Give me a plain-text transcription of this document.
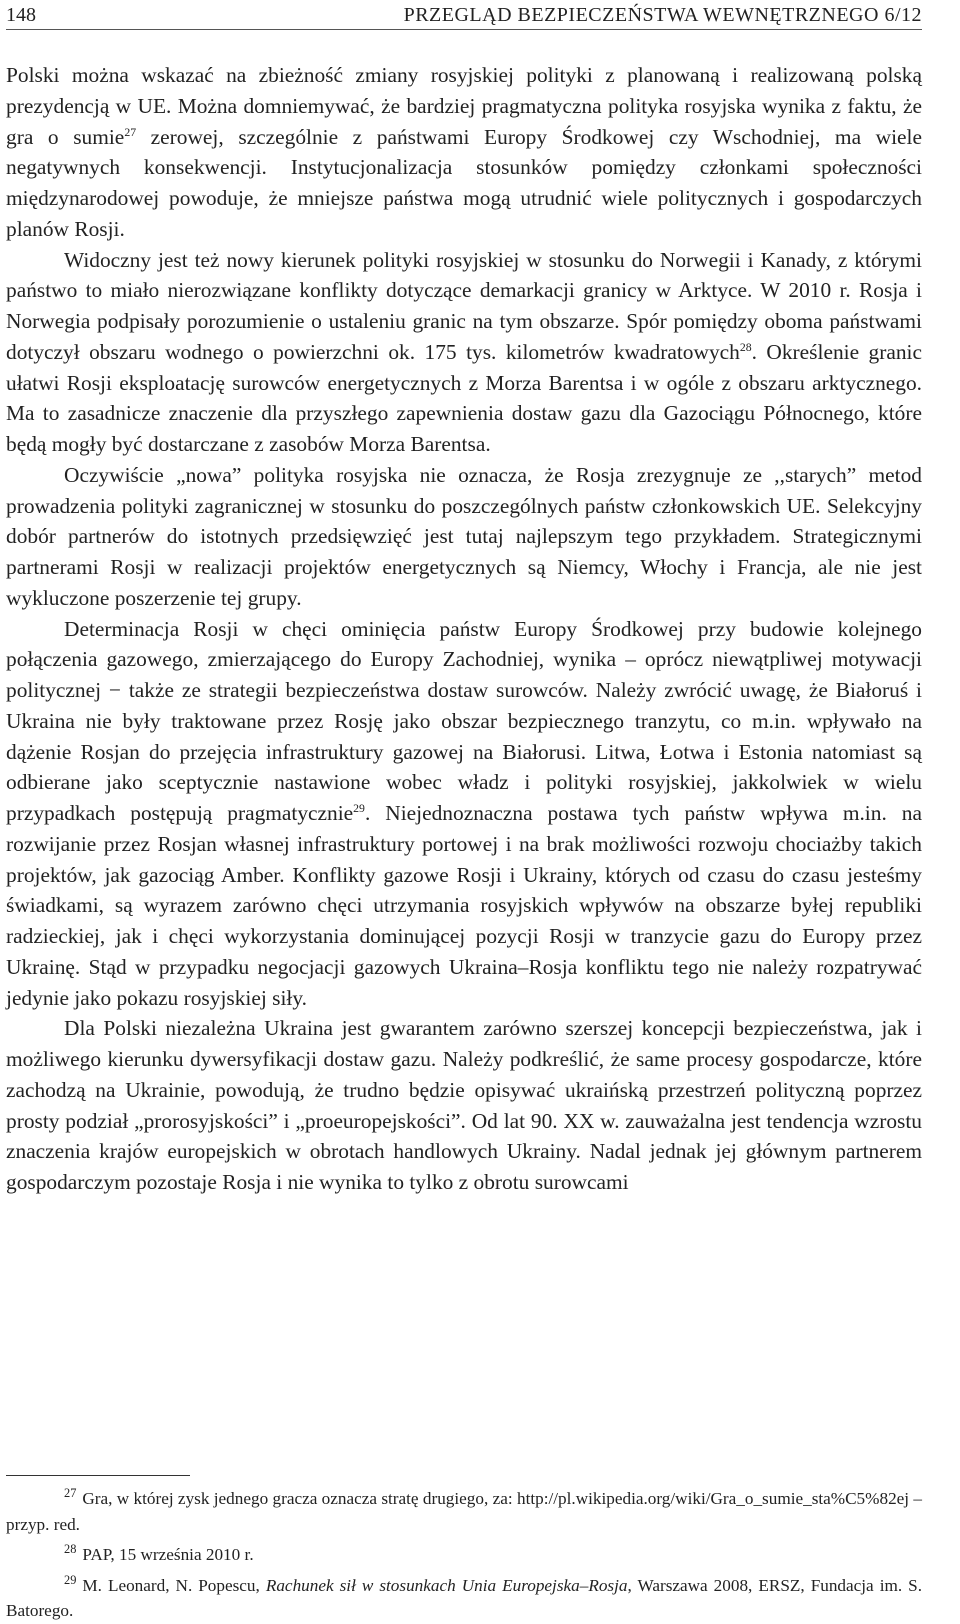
148	PRZEGLĄD BEZPIECZEŃSTWA WEWNĘTRZNEGO 6/12

Polski można wskazać na zbieżność zmiany rosyjskiej polityki z planowaną i realizowaną polską prezydencją w UE. Można domniemywać, że bardziej pragmatyczna polityka rosyjska wynika z faktu, że gra o sumie$^{27}$ zerowej, szczególnie z państwami Europy Środkowej czy Wschodniej, ma wiele negatywnych konsekwencji. Instytucjonalizacja stosunków pomiędzy członkami społeczności międzynarodowej powoduje, że mniejsze państwa mogą utrudnić wiele politycznych i gospodarczych planów Rosji.

Widoczny jest też nowy kierunek polityki rosyjskiej w stosunku do Norwegii i Kanady, z którymi państwo to miało nierozwiązane konflikty dotyczące demarkacji granicy w Arktyce. W 2010 r. Rosja i Norwegia podpisały porozumienie o ustaleniu granic na tym obszarze. Spór pomiędzy oboma państwami dotyczył obszaru wodnego o powierzchni ok. 175 tys. kilometrów kwadratowych$^{28}$. Określenie granic ułatwi Rosji eksploatację surowców energetycznych z Morza Barentsa i w ogóle z obszaru arktycznego. Ma to zasadnicze znaczenie dla przyszłego zapewnienia dostaw gazu dla Gazociągu Północnego, które będą mogły być dostarczane z zasobów Morza Barentsa.

Oczywiście „nowa” polityka rosyjska nie oznacza, że Rosja zrezygnuje ze ,,starych” metod prowadzenia polityki zagranicznej w stosunku do poszczególnych państw członkowskich UE. Selekcyjny dobór partnerów do istotnych przedsięwzięć jest tutaj najlepszym tego przykładem. Strategicznymi partnerami Rosji w realizacji projektów energetycznych są Niemcy, Włochy i Francja, ale nie jest wykluczone poszerzenie tej grupy.

Determinacja Rosji w chęci ominięcia państw Europy Środkowej przy budowie kolejnego połączenia gazowego, zmierzającego do Europy Zachodniej, wynika – oprócz niewątpliwej motywacji politycznej − także ze strategii bezpieczeństwa dostaw surowców. Należy zwrócić uwagę, że Białoruś i Ukraina nie były traktowane przez Rosję jako obszar bezpiecznego tranzytu, co m.in. wpływało na dążenie Rosjan do przejęcia infrastruktury gazowej na Białorusi. Litwa, Łotwa i Estonia natomiast są odbierane jako sceptycznie nastawione wobec władz i polityki rosyjskiej, jakkolwiek w wielu przypadkach postępują pragmatycznie$^{29}$. Niejednoznaczna postawa tych państw wpływa m.in. na rozwijanie przez Rosjan własnej infrastruktury portowej i na brak możliwości rozwoju chociażby takich projektów, jak gazociąg Amber. Konflikty gazowe Rosji i Ukrainy, których od czasu do czasu jesteśmy świadkami, są wyrazem zarówno chęci utrzymania rosyjskich wpływów na obszarze byłej republiki radzieckiej, jak i chęci wykorzystania dominującej pozycji Rosji w tranzycie gazu do Europy przez Ukrainę. Stąd w przypadku negocjacji gazowych Ukraina–Rosja konfliktu tego nie należy rozpatrywać jedynie jako pokazu rosyjskiej siły.

Dla Polski niezależna Ukraina jest gwarantem zarówno szerszej koncepcji bezpieczeństwa, jak i możliwego kierunku dywersyfikacji dostaw gazu. Należy podkreślić, że same procesy gospodarcze, które zachodzą na Ukrainie, powodują, że trudno będzie opisywać ukraińską przestrzeń polityczną poprzez prosty podział „prorosyjskości” i „proeuropejskości”. Od lat 90. XX w. zauważalna jest tendencja wzrostu znaczenia krajów europejskich w obrotach handlowych Ukrainy. Nadal jednak jej głównym partnerem gospodarczym pozostaje Rosja i nie wynika to tylko z obrotu surowcami

$^{27}$ Gra, w której zysk jednego gracza oznacza stratę drugiego, za: http://pl.wikipedia.org/wiki/Gra_o_sumie_sta%C5%82ej – przyp. red.

$^{28}$ PAP, 15 września 2010 r.

$^{29}$ M. Leonard, N. Popescu, Rachunek sił w stosunkach Unia Europejska–Rosja, Warszawa 2008, ERSZ, Fundacja im. S. Batorego.
